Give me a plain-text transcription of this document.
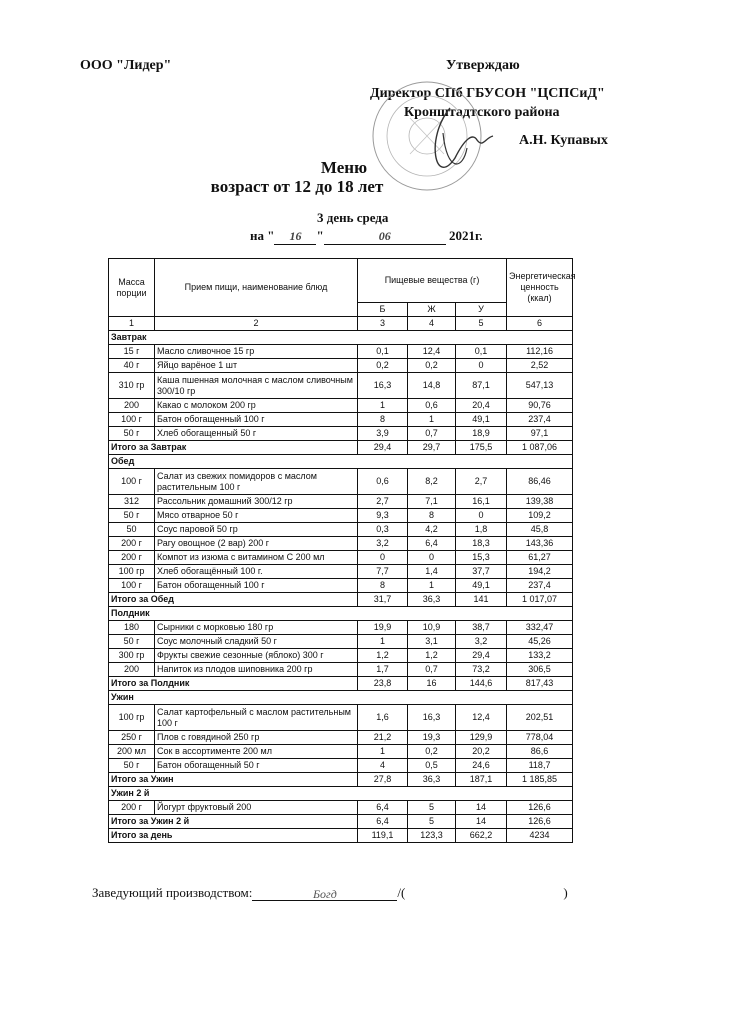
ООО "Лидер"	Утверждаю
Директор СПб ГБУСОН "ЦСПСиД"
Кронштадтского района
А.Н. Купавых
Меню
возраст от 12 до 18 лет
3 день среда
на " 16 "	06	2021г.
Масса порции	Прием пищи, наименование блюд	Пищевые вещества (г)			Энергетическая ценность (ккал)
		Б	Ж	У	
1	2	3	4	5	6
Завтрак					
15 г	Масло сливочное 15 гр	0,1	12,4	0,1	112,16
40 г	Яйцо варёное 1 шт	0,2	0,2	0	2,52
310 гр	Каша пшенная молочная с маслом сливочным 300/10 гр	16,3	14,8	87,1	547,13
200	Какао с молоком 200 гр	1	0,6	20,4	90,76
100 г	Батон обогащенный 100 г	8	1	49,1	237,4
50 г	Хлеб обогащенный 50 г	3,9	0,7	18,9	97,1
Итого за Завтрак		29,4	29,7	175,5	1 087,06
Обед					
100 г	Салат из свежих помидоров с маслом растительным 100 г	0,6	8,2	2,7	86,46
312	Рассольник домашний 300/12 гр	2,7	7,1	16,1	139,38
50 г	Мясо отварное 50 г	9,3	8	0	109,2
50	Соус паровой 50 гр	0,3	4,2	1,8	45,8
200 г	Рагу овощное (2 вар) 200 г	3,2	6,4	18,3	143,36
200 г	Компот из изюма с витамином С 200 мл	0	0	15,3	61,27
100 гр	Хлеб обогащённый 100 г.	7,7	1,4	37,7	194,2
100 г	Батон обогащенный 100 г	8	1	49,1	237,4
Итого за Обед		31,7	36,3	141	1 017,07
Полдник					
180	Сырники с морковью 180 гр	19,9	10,9	38,7	332,47
50 г	Соус молочный сладкий 50 г	1	3,1	3,2	45,26
300 гр	Фрукты свежие сезонные (яблоко) 300 г	1,2	1,2	29,4	133,2
200	Напиток из плодов шиповника 200 гр	1,7	0,7	73,2	306,5
Итого за Полдник		23,8	16	144,6	817,43
Ужин					
100 гр	Салат картофельный с маслом растительным 100 г	1,6	16,3	12,4	202,51
250 г	Плов с говядиной 250 гр	21,2	19,3	129,9	778,04
200 мл	Сок в ассортименте 200 мл	1	0,2	20,2	86,6
50 г	Батон обогащенный 50 г	4	0,5	24,6	118,7
Итого за Ужин		27,8	36,3	187,1	1 185,85
Ужин 2 й					
200 г	Йогурт фруктовый 200	6,4	5	14	126,6
Итого за Ужин 2 й		6,4	5	14	126,6
Итого за день		119,1	123,3	662,2	4234
Заведующий производством:	Богд	/(	)
